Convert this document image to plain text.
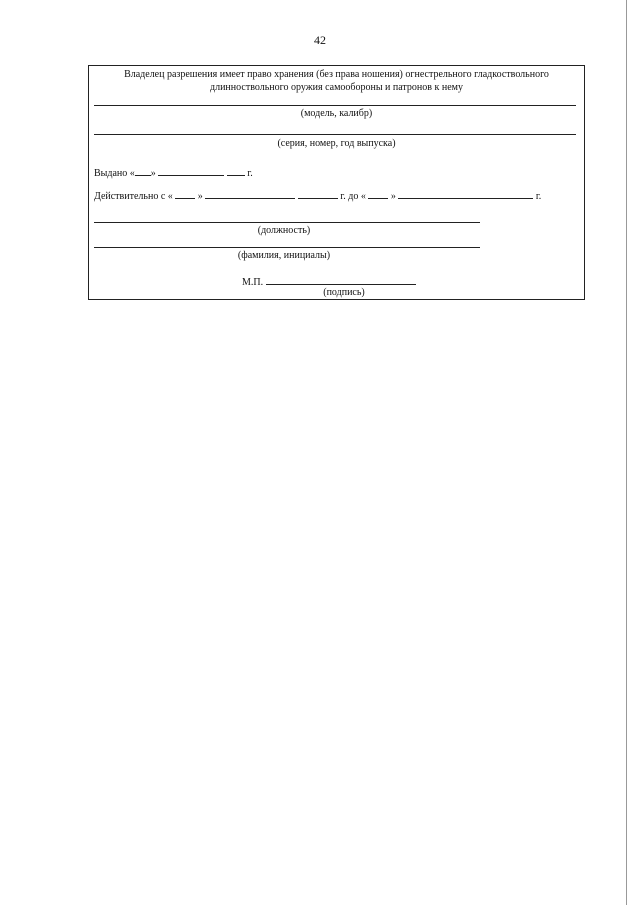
42
Владелец разрешения имеет право хранения (без права ношения) огнестрельного гладкоствольного
длинноствольного оружия самообороны и патронов к нему
(модель, калибр)
(серия, номер, год выпуска)
Выдано « »	г.
Действительно с «	»	г. до «	»	г.
(должность)
(фамилия, инициалы)
М.П.
(подпись)
